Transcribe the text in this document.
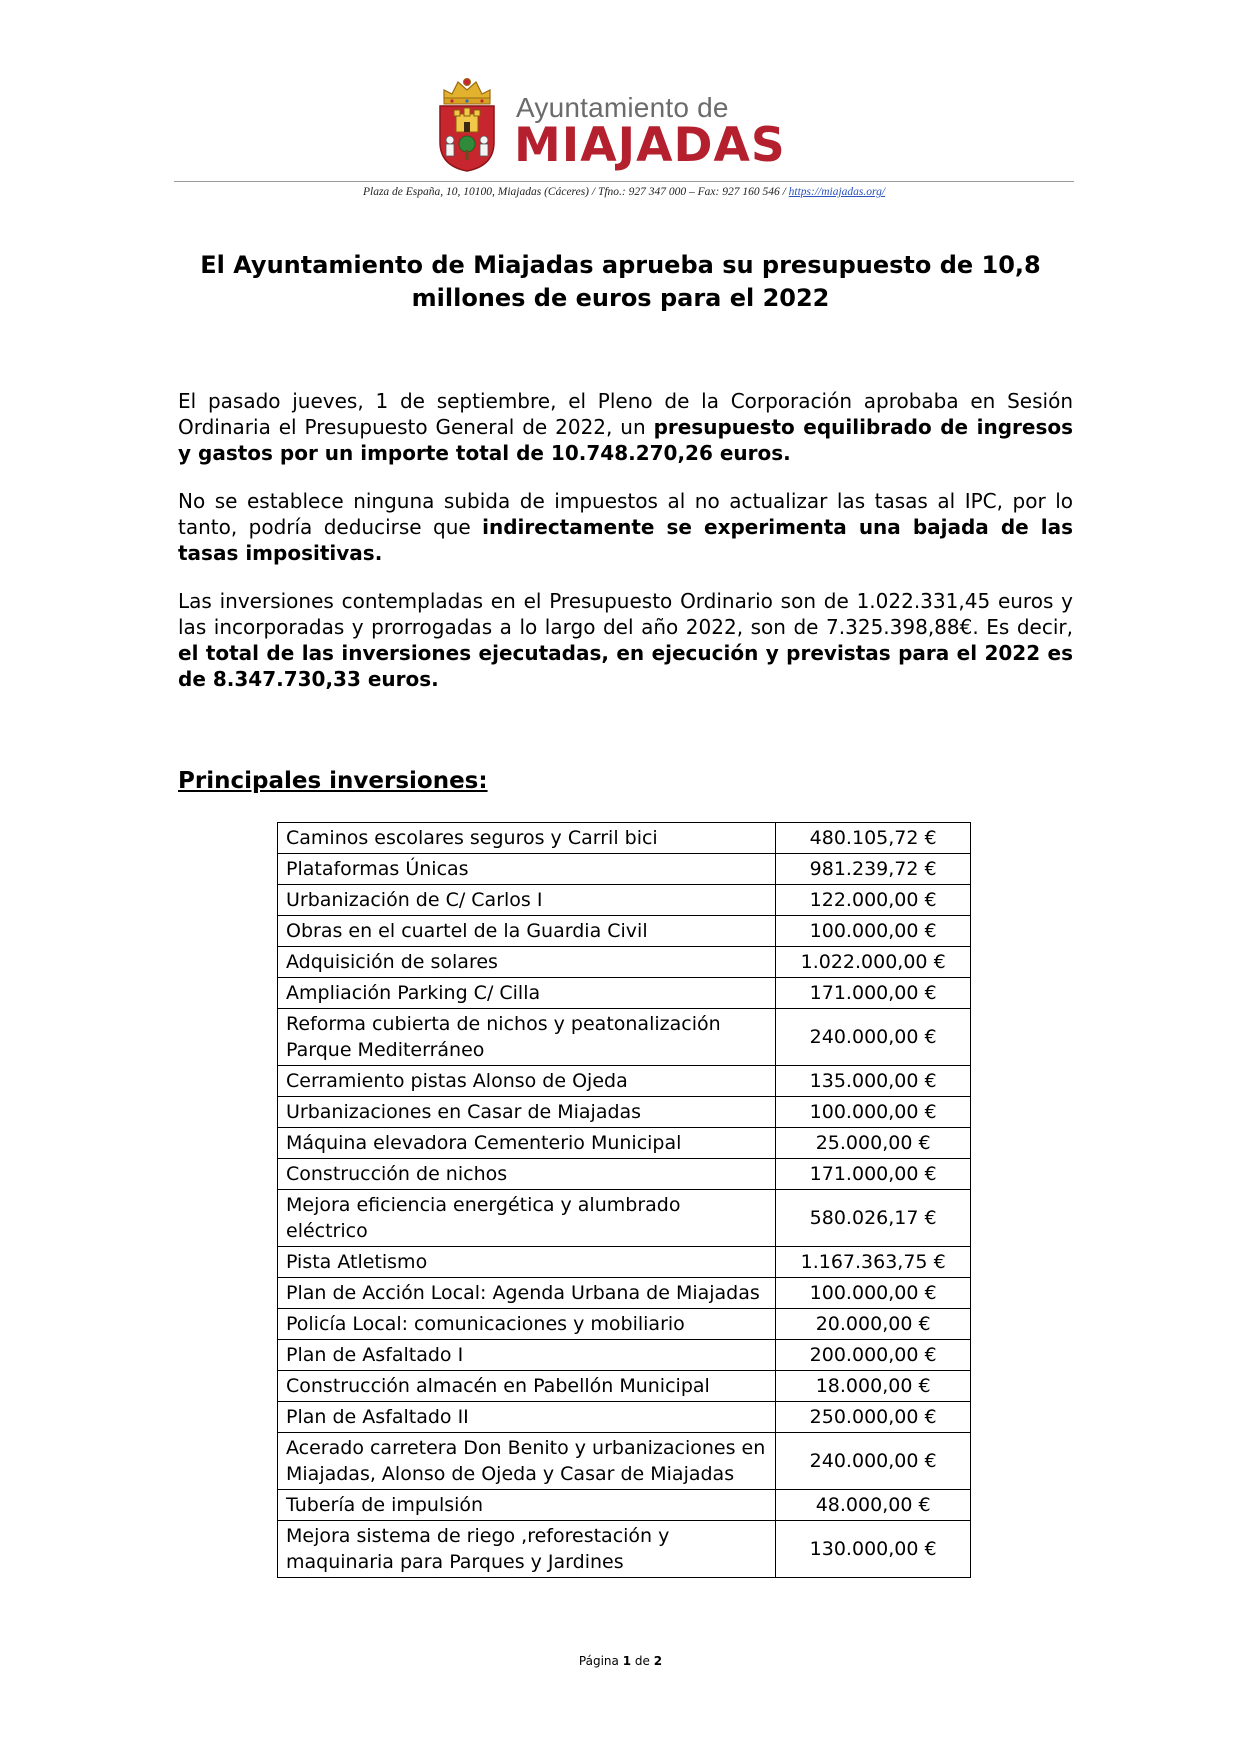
Ayuntamiento de
MIAJADAS
Plaza de España, 10, 10100, Miajadas (Cáceres) / Tfno.: 927 347 000 – Fax: 927 160 546 / https://miajadas.org/
El Ayuntamiento de Miajadas aprueba su presupuesto de 10,8 millones de euros para el 2022

El pasado jueves, 1 de septiembre, el Pleno de la Corporación aprobaba en Sesión Ordinaria el Presupuesto General de 2022, un presupuesto equilibrado de ingresos y gastos por un importe total de 10.748.270,26 euros.

No se establece ninguna subida de impuestos al no actualizar las tasas al IPC, por lo tanto, podría deducirse que indirectamente se experimenta una bajada de las tasas impositivas.

Las inversiones contempladas en el Presupuesto Ordinario son de 1.022.331,45 euros y las incorporadas y prorrogadas a lo largo del año 2022, son de 7.325.398,88€. Es decir, el total de las inversiones ejecutadas, en ejecución y previstas para el 2022 es de 8.347.730,33 euros.

Principales inversiones:
Caminos escolares seguros y Carril bici	480.105,72 €
Plataformas Únicas	981.239,72 €
Urbanización de C/ Carlos I	122.000,00 €
Obras en el cuartel de la Guardia Civil	100.000,00 €
Adquisición de solares	1.022.000,00 €
Ampliación Parking C/ Cilla	171.000,00 €
Reforma cubierta de nichos y peatonalización Parque Mediterráneo	240.000,00 €
Cerramiento pistas Alonso de Ojeda	135.000,00 €
Urbanizaciones en Casar de Miajadas	100.000,00 €
Máquina elevadora Cementerio Municipal	25.000,00 €
Construcción de nichos	171.000,00 €
Mejora eficiencia energética y alumbrado eléctrico	580.026,17 €
Pista Atletismo	1.167.363,75 €
Plan de Acción Local: Agenda Urbana de Miajadas	100.000,00 €
Policía Local: comunicaciones y mobiliario	20.000,00 €
Plan de Asfaltado I	200.000,00 €
Construcción almacén en Pabellón Municipal	18.000,00 €
Plan de Asfaltado II	250.000,00 €
Acerado carretera Don Benito y urbanizaciones en Miajadas, Alonso de Ojeda y Casar de Miajadas	240.000,00 €
Tubería de impulsión	48.000,00 €
Mejora sistema de riego ,reforestación y maquinaria para Parques y Jardines	130.000,00 €
Página 1 de 2
